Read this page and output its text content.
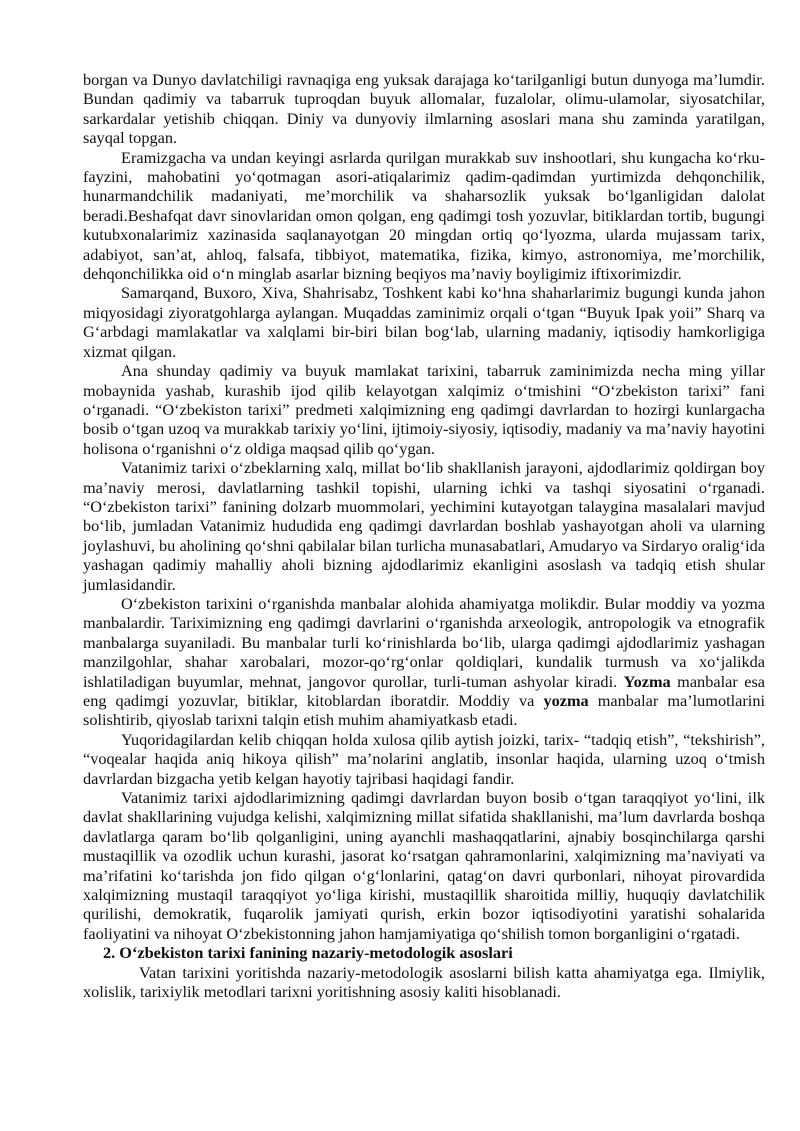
borgan va Dunyo davlatchiligi ravnaqiga eng yuksak darajaga ko‘tarilganligi butun dunyoga ma’lumdir. Bundan qadimiy va tabarruk tuproqdan buyuk allomalar, fuzalolar, olimu-ulamolar, siyosatchilar, sarkardalar yetishib chiqqan. Diniy va dunyoviy ilmlarning asoslari mana shu zaminda yaratilgan, sayqal topgan.

Eramizgacha va undan keyingi asrlarda qurilgan murakkab suv inshootlari, shu kungacha ko‘rku-fayzini, mahobatini yo‘qotmagan asori-atiqalarimiz qadim-qadimdan yurtimizda dehqonchilik, hunarmandchilik madaniyati, me’morchilik va shaharsozlik yuksak bo‘lganligidan dalolat beradi.Beshafqat davr sinovlaridan omon qolgan, eng qadimgi tosh yozuvlar, bitiklardan tortib, bugungi kutubxonalarimiz xazinasida saqlanayotgan 20 mingdan ortiq qo‘lyozma, ularda mujassam tarix, adabiyot, san’at, ahloq, falsafa, tibbiyot, matematika, fizika, kimyo, astronomiya, me’morchilik, dehqonchilikka oid o‘n minglab asarlar bizning beqiyos ma’naviy boyligimiz iftixorimizdir.

Samarqand, Buxoro, Xiva, Shahrisabz, Toshkent kabi ko‘hna shaharlarimiz bugungi kunda jahon miqyosidagi ziyoratgohlarga aylangan. Muqaddas zaminimiz orqali o‘tgan “Buyuk Ipak yoii” Sharq va G‘arbdagi mamlakatlar va xalqlami bir-biri bilan bog‘lab, ularning madaniy, iqtisodiy hamkorligiga xizmat qilgan.

Ana shunday qadimiy va buyuk mamlakat tarixini, tabarruk zaminimizda necha ming yillar mobaynida yashab, kurashib ijod qilib kelayotgan xalqimiz o‘tmishini “O‘zbekiston tarixi” fani o‘rganadi. “O‘zbekiston tarixi” predmeti xalqimizning eng qadimgi davrlardan to hozirgi kunlargacha bosib o‘tgan uzoq va murakkab tarixiy yo‘lini, ijtimoiy-siyosiy, iqtisodiy, madaniy va ma’naviy hayotini holisona o‘rganishni o‘z oldiga maqsad qilib qo‘ygan.

Vatanimiz tarixi o‘zbeklarning xalq, millat bo‘lib shakllanish jarayoni, ajdodlarimiz qoldirgan boy ma’naviy merosi, davlatlarning tashkil topishi, ularning ichki va tashqi siyosatini o‘rganadi. “O‘zbekiston tarixi” fanining dolzarb muommolari, yechimini kutayotgan talaygina masalalari mavjud bo‘lib, jumladan Vatanimiz hududida eng qadimgi davrlardan boshlab yashayotgan aholi va ularning joylashuvi, bu aholining qo‘shni qabilalar bilan turlicha munasabatlari, Amudaryo va Sirdaryo oralig‘ida yashagan qadimiy mahalliy aholi bizning ajdodlarimiz ekanligini asoslash va tadqiq etish shular jumlasidandir.

O‘zbekiston tarixini o‘rganishda manbalar alohida ahamiyatga molikdir. Bular moddiy va yozma manbalardir. Tariximizning eng qadimgi davrlarini o‘rganishda arxeologik, antropologik va etnografik manbalarga suyaniladi. Bu manbalar turli ko‘rinishlarda bo‘lib, ularga qadimgi ajdodlarimiz yashagan manzilgohlar, shahar xarobalari, mozor-qo‘rg‘onlar qoldiqlari, kundalik turmush va xo‘jalikda ishlatiladigan buyumlar, mehnat, jangovor qurollar, turli-tuman ashyolar kiradi. Yozma manbalar esa eng qadimgi yozuvlar, bitiklar, kitoblardan iboratdir. Moddiy va yozma manbalar ma’lumotlarini solishtirib, qiyoslab tarixni talqin etish muhim ahamiyatkasb etadi.

Yuqoridagilardan kelib chiqqan holda xulosa qilib aytish joizki, tarix- “tadqiq etish”, “tekshirish”, “voqealar haqida aniq hikoya qilish” ma’nolarini anglatib, insonlar haqida, ularning uzoq o‘tmish davrlardan bizgacha yetib kelgan hayotiy tajribasi haqidagi fandir.

Vatanimiz tarixi ajdodlarimizning qadimgi davrlardan buyon bosib o‘tgan taraqqiyot yo‘lini, ilk davlat shakllarining vujudga kelishi, xalqimizning millat sifatida shakllanishi, ma’lum davrlarda boshqa davlatlarga qaram bo‘lib qolganligini, uning ayanchli mashaqqatlarini, ajnabiy bosqinchilarga qarshi mustaqillik va ozodlik uchun kurashi, jasorat ko‘rsatgan qahramonlarini, xalqimizning ma’naviyati va ma’rifatini ko‘tarishda jon fido qilgan o‘g‘lonlarini, qatag‘on davri qurbonlari, nihoyat pirovardida xalqimizning mustaqil taraqqiyot yo‘liga kirishi, mustaqillik sharoitida milliy, huquqiy davlatchilik qurilishi, demokratik, fuqarolik jamiyati qurish, erkin bozor iqtisodiyotini yaratishi sohalarida faoliyatini va nihoyat O‘zbekistonning jahon hamjamiyatiga qo‘shilish tomon borganligini o‘rgatadi.

2. O‘zbekiston tarixi fanining nazariy-metodologik asoslari

Vatan tarixini yoritishda nazariy-metodologik asoslarni bilish katta ahamiyatga ega. Ilmiylik, xolislik, tarixiylik metodlari tarixni yoritishning asosiy kaliti hisoblanadi.
